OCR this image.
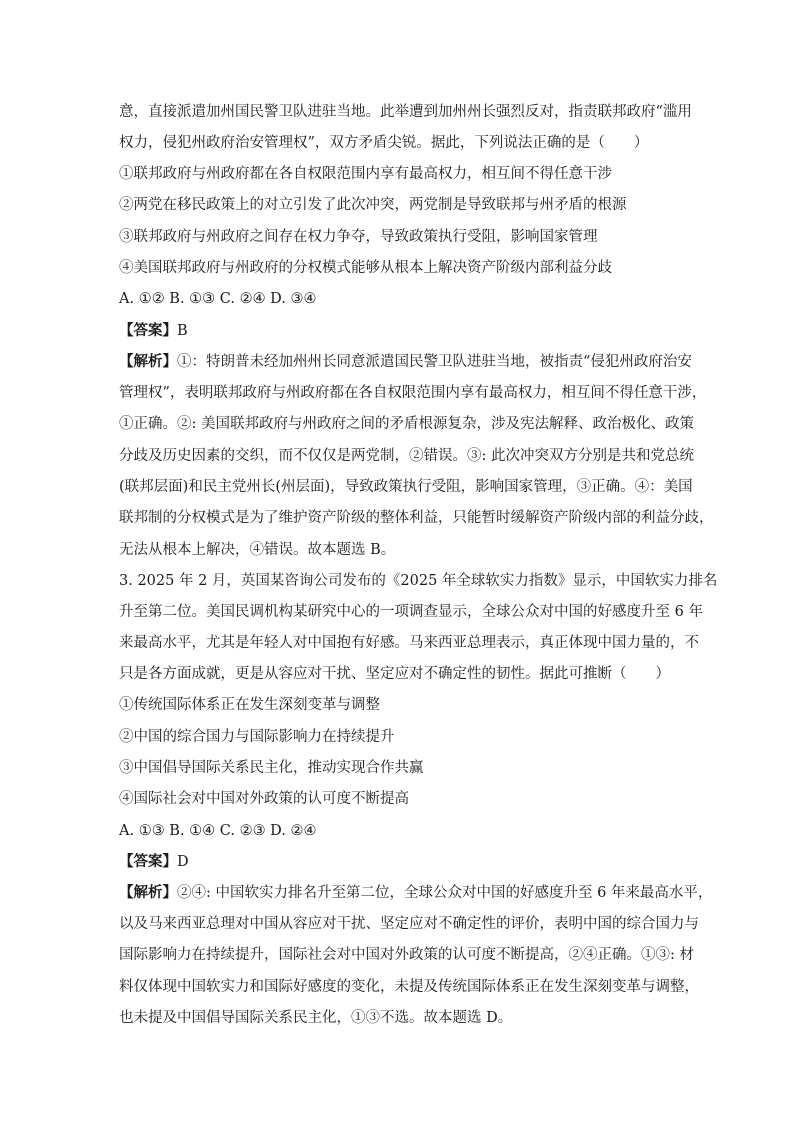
意，直接派遣加州国民警卫队进驻当地。此举遭到加州州长强烈反对，指责联邦政府“滥用
权力，侵犯州政府治安管理权”，双方矛盾尖锐。据此，下列说法正确的是（　　）
①联邦政府与州政府都在各自权限范围内享有最高权力，相互间不得任意干涉
②两党在移民政策上的对立引发了此次冲突，两党制是导致联邦与州矛盾的根源
③联邦政府与州政府之间存在权力争夺，导致政策执行受阻，影响国家管理
④美国联邦政府与州政府的分权模式能够从根本上解决资产阶级内部利益分歧
A. ①② B. ①③ C. ②④ D. ③④
【答案】B
【解析】①：特朗普未经加州州长同意派遣国民警卫队进驻当地，被指责“侵犯州政府治安
管理权”，表明联邦政府与州政府都在各自权限范围内享有最高权力，相互间不得任意干涉，
①正确。②: 美国联邦政府与州政府之间的矛盾根源复杂，涉及宪法解释、政治极化、政策
分歧及历史因素的交织，而不仅仅是两党制，②错误。③: 此次冲突双方分别是共和党总统
(联邦层面)和民主党州长(州层面)，导致政策执行受阻，影响国家管理，③正确。④：美国
联邦制的分权模式是为了维护资产阶级的整体利益，只能暂时缓解资产阶级内部的利益分歧，
无法从根本上解决，④错误。故本题选 B。
3. 2025 年 2 月，英国某咨询公司发布的《2025 年全球软实力指数》显示，中国软实力排名
升至第二位。美国民调机构某研究中心的一项调查显示，全球公众对中国的好感度升至 6 年
来最高水平，尤其是年轻人对中国抱有好感。马来西亚总理表示，真正体现中国力量的，不
只是各方面成就，更是从容应对干扰、坚定应对不确定性的韧性。据此可推断（　　）
①传统国际体系正在发生深刻变革与调整
②中国的综合国力与国际影响力在持续提升
③中国倡导国际关系民主化，推动实现合作共赢
④国际社会对中国对外政策的认可度不断提高
A. ①③ B. ①④ C. ②③ D. ②④
【答案】D
【解析】②④: 中国软实力排名升至第二位，全球公众对中国的好感度升至 6 年来最高水平，
以及马来西亚总理对中国从容应对干扰、坚定应对不确定性的评价，表明中国的综合国力与
国际影响力在持续提升，国际社会对中国对外政策的认可度不断提高，②④正确。①③: 材
料仅体现中国软实力和国际好感度的变化，未提及传统国际体系正在发生深刻变革与调整，
也未提及中国倡导国际关系民主化，①③不选。故本题选 D。
